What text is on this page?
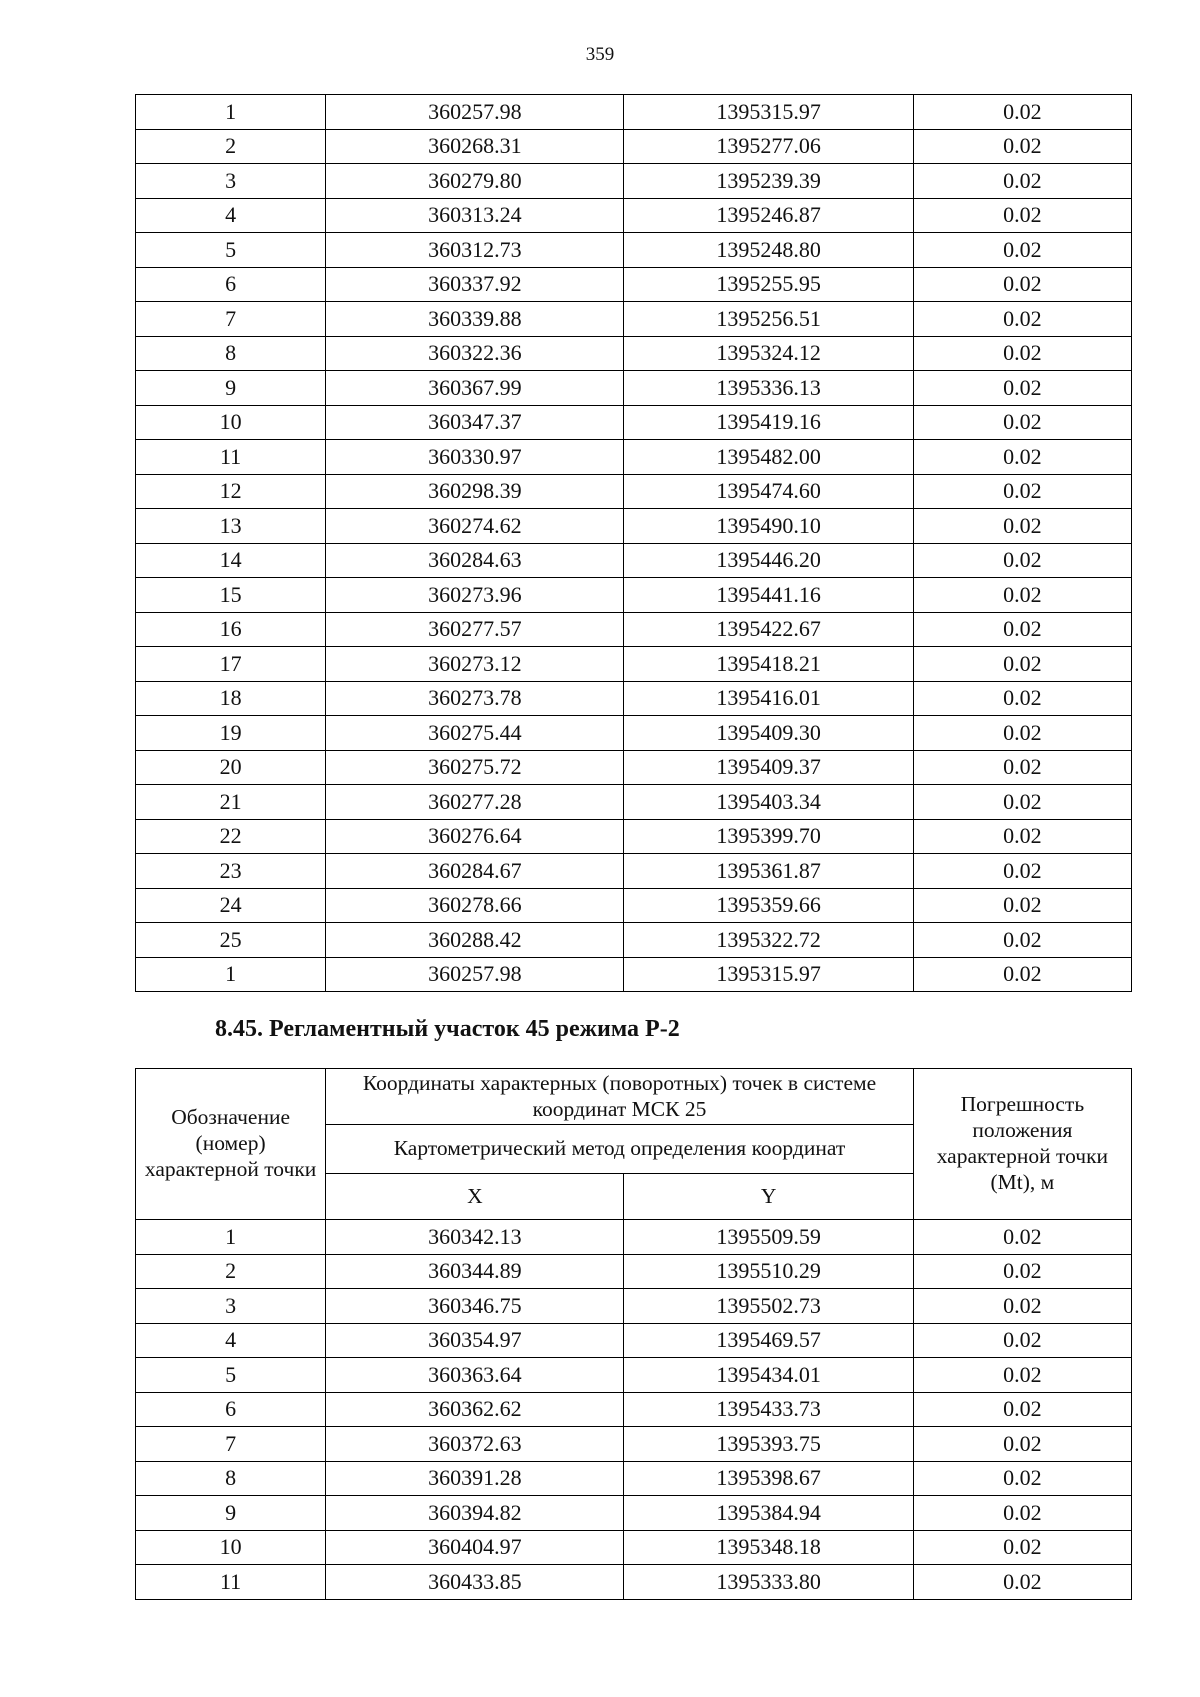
359
1	360257.98	1395315.97	0.02
2	360268.31	1395277.06	0.02
3	360279.80	1395239.39	0.02
4	360313.24	1395246.87	0.02
5	360312.73	1395248.80	0.02
6	360337.92	1395255.95	0.02
7	360339.88	1395256.51	0.02
8	360322.36	1395324.12	0.02
9	360367.99	1395336.13	0.02
10	360347.37	1395419.16	0.02
11	360330.97	1395482.00	0.02
12	360298.39	1395474.60	0.02
13	360274.62	1395490.10	0.02
14	360284.63	1395446.20	0.02
15	360273.96	1395441.16	0.02
16	360277.57	1395422.67	0.02
17	360273.12	1395418.21	0.02
18	360273.78	1395416.01	0.02
19	360275.44	1395409.30	0.02
20	360275.72	1395409.37	0.02
21	360277.28	1395403.34	0.02
22	360276.64	1395399.70	0.02
23	360284.67	1395361.87	0.02
24	360278.66	1395359.66	0.02
25	360288.42	1395322.72	0.02
1	360257.98	1395315.97	0.02
8.45. Регламентный участок 45 режима Р-2
Обозначение (номер) характерной точки	Координаты характерных (поворотных) точек в системе координат МСК 25		Погрешность положения характерной точки (Mt), м
	Картометрический метод определения координат		
	X	Y	
1	360342.13	1395509.59	0.02
2	360344.89	1395510.29	0.02
3	360346.75	1395502.73	0.02
4	360354.97	1395469.57	0.02
5	360363.64	1395434.01	0.02
6	360362.62	1395433.73	0.02
7	360372.63	1395393.75	0.02
8	360391.28	1395398.67	0.02
9	360394.82	1395384.94	0.02
10	360404.97	1395348.18	0.02
11	360433.85	1395333.80	0.02
